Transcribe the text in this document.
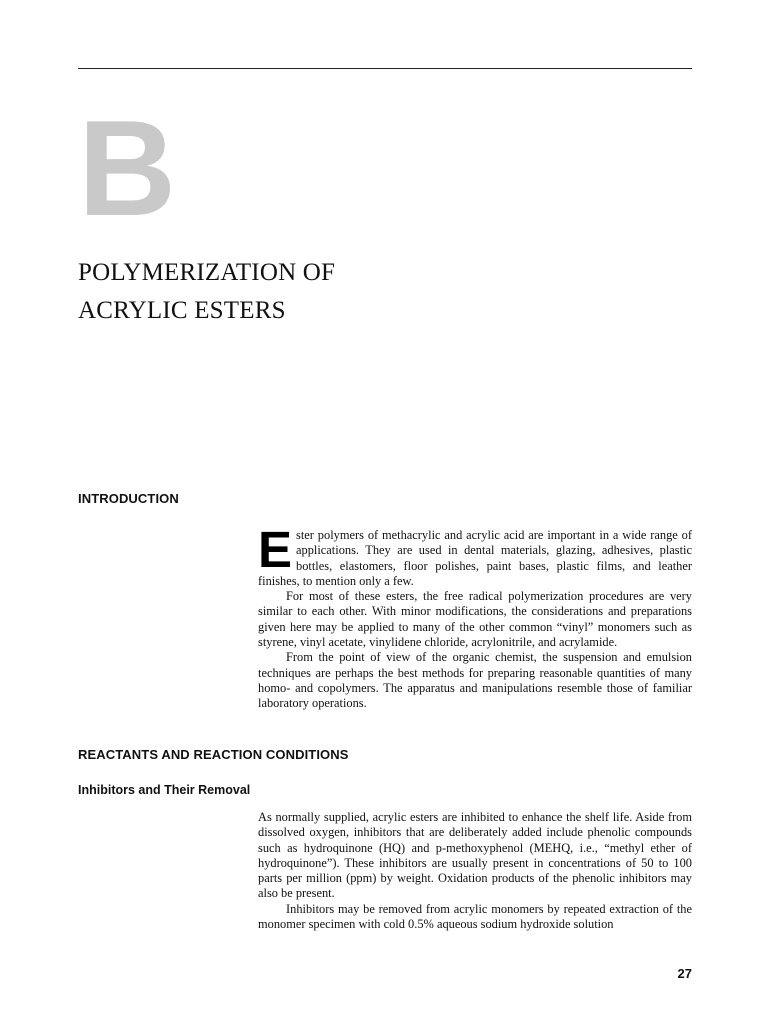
B
POLYMERIZATION OF
ACRYLIC ESTERS
INTRODUCTION

Ester polymers of methacrylic and acrylic acid are important in a wide range of applications. They are used in dental materials, glazing, adhesives, plastic bottles, elastomers, floor polishes, paint bases, plastic films, and leather finishes, to mention only a few.

For most of these esters, the free radical polymerization procedures are very similar to each other. With minor modifications, the considerations and preparations given here may be applied to many of the other common “vinyl” monomers such as styrene, vinyl acetate, vinylidene chloride, acrylonitrile, and acrylamide.

From the point of view of the organic chemist, the suspension and emulsion techniques are perhaps the best methods for preparing reasonable quantities of many homo- and copolymers. The apparatus and manipulations resemble those of familiar laboratory operations.

REACTANTS AND REACTION CONDITIONS
Inhibitors and Their Removal

As normally supplied, acrylic esters are inhibited to enhance the shelf life. Aside from dissolved oxygen, inhibitors that are deliberately added include phenolic compounds such as hydroquinone (HQ) and p-methoxyphenol (MEHQ, i.e., “methyl ether of hydroquinone”). These inhibitors are usually present in concentrations of 50 to 100 parts per million (ppm) by weight. Oxidation products of the phenolic inhibitors may also be present.

Inhibitors may be removed from acrylic monomers by repeated extraction of the monomer specimen with cold 0.5% aqueous sodium hydroxide solution

27
